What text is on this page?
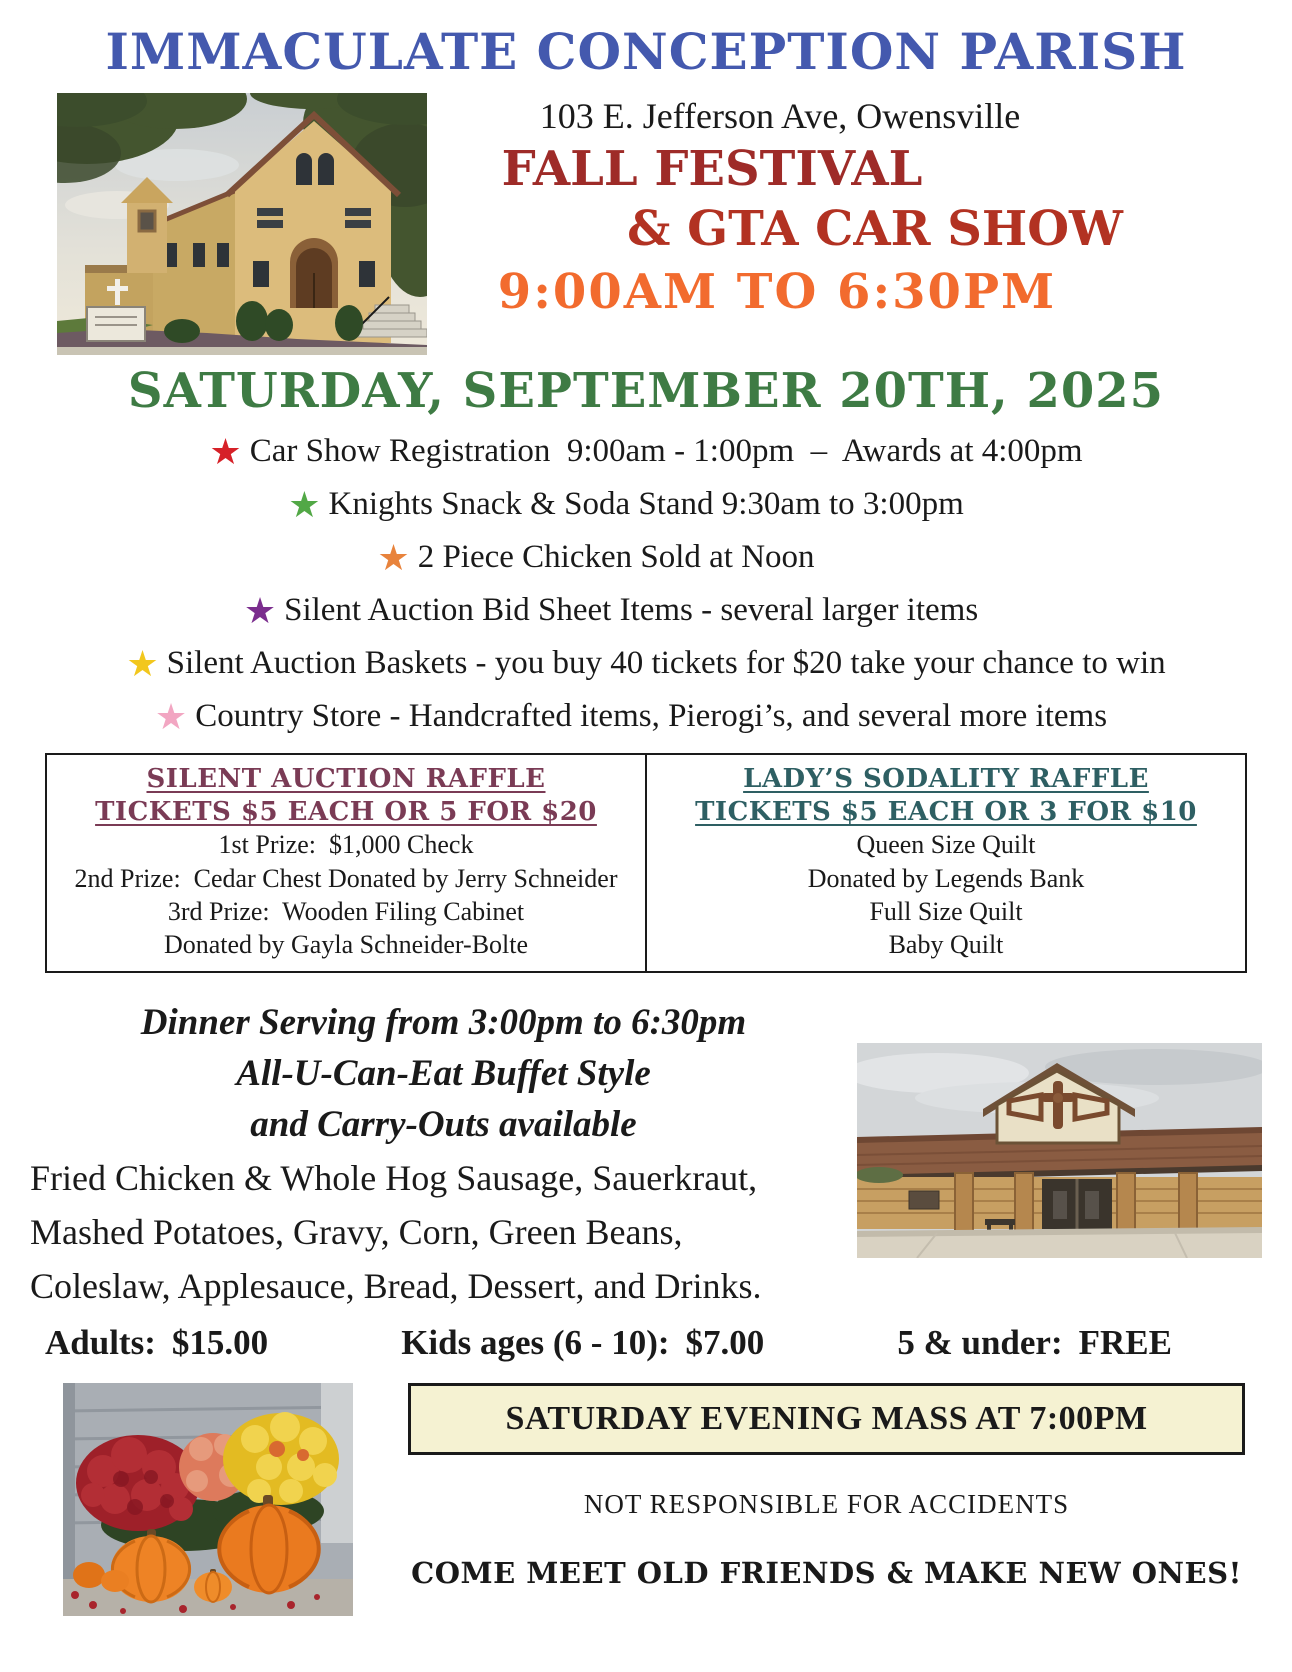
IMMACULATE CONCEPTION PARISH
103 E. Jefferson Ave, Owensville
FALL FESTIVAL
& GTA CAR SHOW
9:00AM TO 6:30PM
SATURDAY, SEPTEMBER 20TH, 2025
★ Car Show Registration  9:00am - 1:00pm  –  Awards at 4:00pm
★ Knights Snack & Soda Stand 9:30am to 3:00pm
★ 2 Piece Chicken Sold at Noon
★ Silent Auction Bid Sheet Items - several larger items
★ Silent Auction Baskets - you buy 40 tickets for $20 take your chance to win
★ Country Store - Handcrafted items, Pierogi’s, and several more items
SILENT AUCTION RAFFLE
TICKETS $5 EACH OR 5 FOR $20
1st Prize:  $1,000 Check
2nd Prize:  Cedar Chest Donated by Jerry Schneider
3rd Prize:  Wooden Filing Cabinet
Donated by Gayla Schneider-Bolte
LADY’S SODALITY RAFFLE
TICKETS $5 EACH OR 3 FOR $10
Queen Size Quilt
Donated by Legends Bank
Full Size Quilt
Baby Quilt
Dinner Serving from 3:00pm to 6:30pm
All-U-Can-Eat Buffet Style
and Carry-Outs available
Fried Chicken & Whole Hog Sausage, Sauerkraut,
Mashed Potatoes, Gravy, Corn, Green Beans,
Coleslaw, Applesauce, Bread, Dessert, and Drinks.
Adults: $15.00	Kids ages (6 - 10): $7.00	5 & under: FREE
SATURDAY EVENING MASS AT 7:00PM
NOT RESPONSIBLE FOR ACCIDENTS
COME MEET OLD FRIENDS & MAKE NEW ONES!
